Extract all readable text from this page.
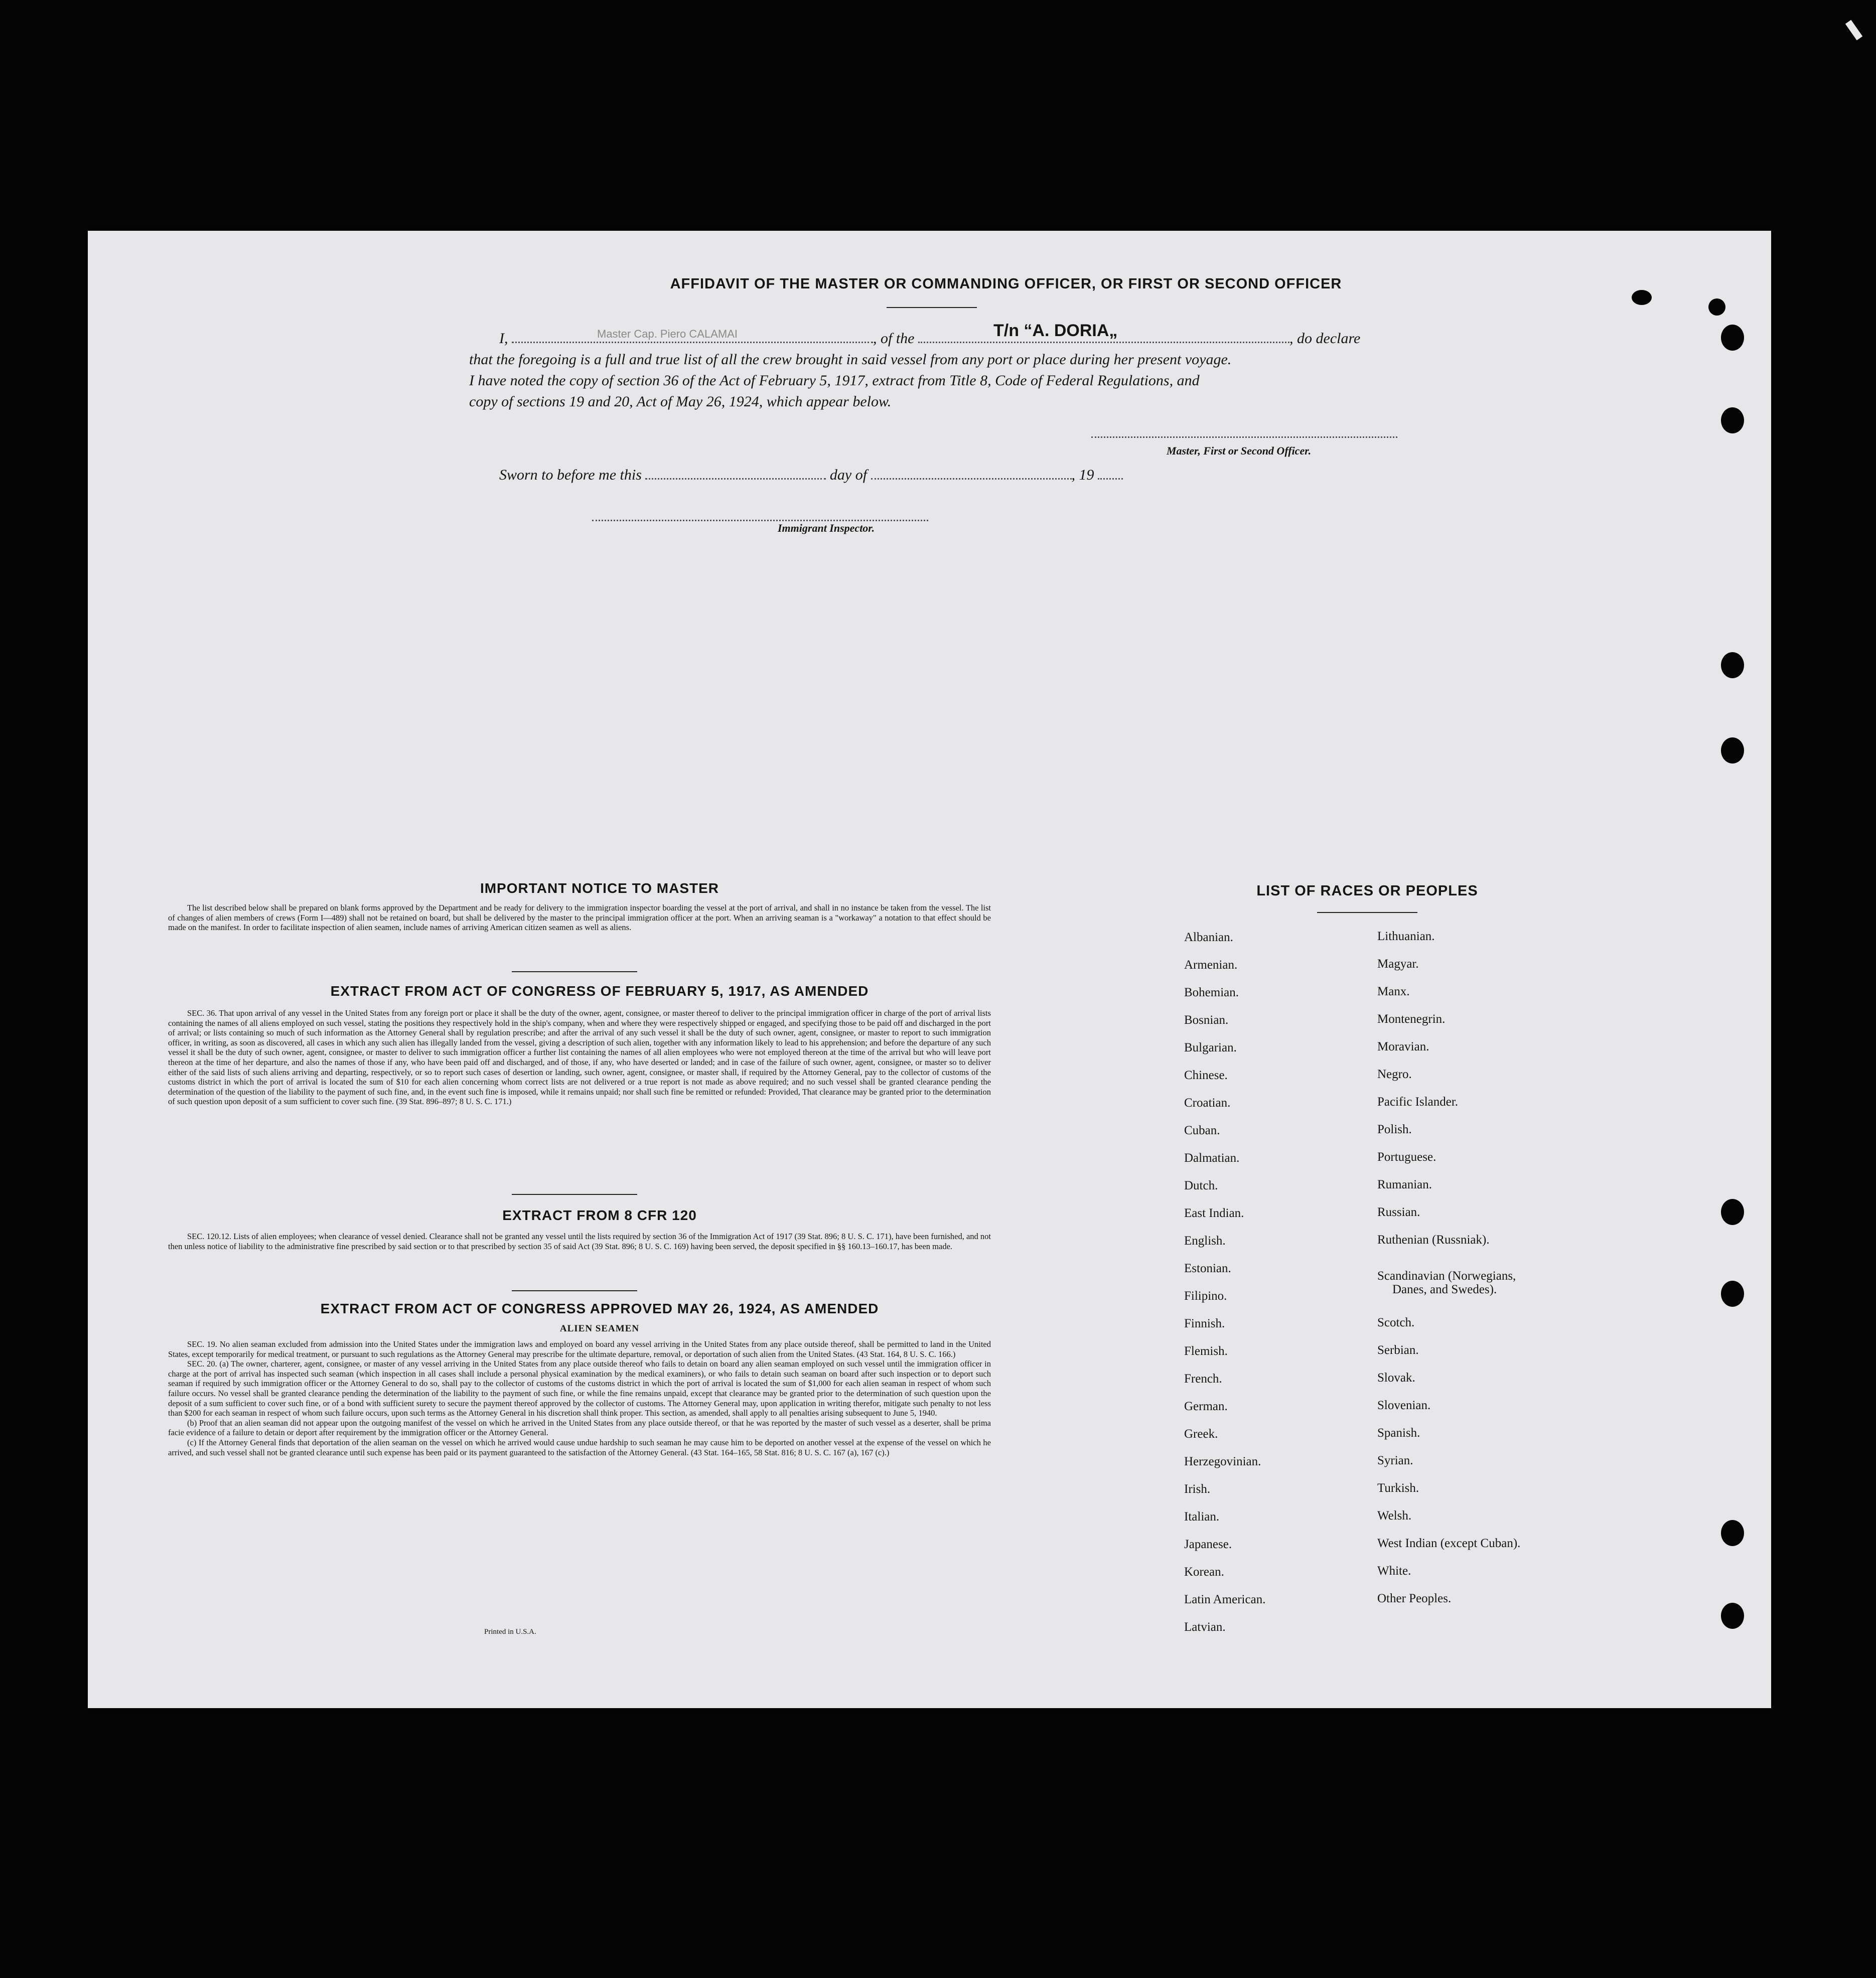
AFFIDAVIT OF THE MASTER OR COMMANDING OFFICER, OR FIRST OR SECOND OFFICER
I,	Master Cap. Piero CALAMAI	, of the	T/n “A. DORIA„	, do declare
that the foregoing is a full and true list of all the crew brought in said vessel from any port or place during her present voyage.
I have noted the copy of section 36 of the Act of February 5, 1917, extract from Title 8, Code of Federal Regulations, and
copy of sections 19 and 20, Act of May 26, 1924, which appear below.
Master, First or Second Officer.
Sworn to before me this	day of	, 19
Immigrant Inspector.
IMPORTANT NOTICE TO MASTER

The list described below shall be prepared on blank forms approved by the Department and be ready for delivery to the immigration inspector boarding the vessel at the port of arrival, and shall in no instance be taken from the vessel. The list of changes of alien members of crews (Form I—489) shall not be retained on board, but shall be delivered by the master to the principal immigration officer at the port. When an arriving seaman is a "workaway" a notation to that effect should be made on the manifest. In order to facilitate inspection of alien seamen, include names of arriving American citizen seamen as well as aliens.

EXTRACT FROM ACT OF CONGRESS OF FEBRUARY 5, 1917, AS AMENDED

SEC. 36. That upon arrival of any vessel in the United States from any foreign port or place it shall be the duty of the owner, agent, consignee, or master thereof to deliver to the principal immigration officer in charge of the port of arrival lists containing the names of all aliens employed on such vessel, stating the positions they respectively hold in the ship's company, when and where they were respectively shipped or engaged, and specifying those to be paid off and discharged in the port of arrival; or lists containing so much of such information as the Attorney General shall by regulation prescribe; and after the arrival of any such vessel it shall be the duty of such owner, agent, consignee, or master to report to such immigration officer, in writing, as soon as discovered, all cases in which any such alien has illegally landed from the vessel, giving a description of such alien, together with any information likely to lead to his apprehension; and before the departure of any such vessel it shall be the duty of such owner, agent, consignee, or master to deliver to such immigration officer a further list containing the names of all alien employees who were not employed thereon at the time of the arrival but who will leave port thereon at the time of her departure, and also the names of those if any, who have been paid off and discharged, and of those, if any, who have deserted or landed; and in case of the failure of such owner, agent, consignee, or master so to deliver either of the said lists of such aliens arriving and departing, respectively, or so to report such cases of desertion or landing, such owner, agent, consignee, or master shall, if required by the Attorney General, pay to the collector of customs of the customs district in which the port of arrival is located the sum of $10 for each alien concerning whom correct lists are not delivered or a true report is not made as above required; and no such vessel shall be granted clearance pending the determination of the question of the liability to the payment of such fine, and, in the event such fine is imposed, while it remains unpaid; nor shall such fine be remitted or refunded: Provided, That clearance may be granted prior to the determination of such question upon deposit of a sum sufficient to cover such fine. (39 Stat. 896–897; 8 U. S. C. 171.)

EXTRACT FROM 8 CFR 120

SEC. 120.12. Lists of alien employees; when clearance of vessel denied. Clearance shall not be granted any vessel until the lists required by section 36 of the Immigration Act of 1917 (39 Stat. 896; 8 U. S. C. 171), have been furnished, and not then unless notice of liability to the administrative fine prescribed by said section or to that prescribed by section 35 of said Act (39 Stat. 896; 8 U. S. C. 169) having been served, the deposit specified in §§ 160.13–160.17, has been made.

EXTRACT FROM ACT OF CONGRESS APPROVED MAY 26, 1924, AS AMENDED
ALIEN SEAMEN

SEC. 19. No alien seaman excluded from admission into the United States under the immigration laws and employed on board any vessel arriving in the United States from any place outside thereof, shall be permitted to land in the United States, except temporarily for medical treatment, or pursuant to such regulations as the Attorney General may prescribe for the ultimate departure, removal, or deportation of such alien from the United States. (43 Stat. 164, 8 U. S. C. 166.)

SEC. 20. (a) The owner, charterer, agent, consignee, or master of any vessel arriving in the United States from any place outside thereof who fails to detain on board any alien seaman employed on such vessel until the immigration officer in charge at the port of arrival has inspected such seaman (which inspection in all cases shall include a personal physical examination by the medical examiners), or who fails to detain such seaman on board after such inspection or to deport such seaman if required by such immigration officer or the Attorney General to do so, shall pay to the collector of customs of the customs district in which the port of arrival is located the sum of $1,000 for each alien seaman in respect of whom such failure occurs. No vessel shall be granted clearance pending the determination of the liability to the payment of such fine, or while the fine remains unpaid, except that clearance may be granted prior to the determination of such question upon the deposit of a sum sufficient to cover such fine, or of a bond with sufficient surety to secure the payment thereof approved by the collector of customs. The Attorney General may, upon application in writing therefor, mitigate such penalty to not less than $200 for each seaman in respect of whom such failure occurs, upon such terms as the Attorney General in his discretion shall think proper. This section, as amended, shall apply to all penalties arising subsequent to June 5, 1940.

(b) Proof that an alien seaman did not appear upon the outgoing manifest of the vessel on which he arrived in the United States from any place outside thereof, or that he was reported by the master of such vessel as a deserter, shall be prima facie evidence of a failure to detain or deport after requirement by the immigration officer or the Attorney General.

(c) If the Attorney General finds that deportation of the alien seaman on the vessel on which he arrived would cause undue hardship to such seaman he may cause him to be deported on another vessel at the expense of the vessel on which he arrived, and such vessel shall not be granted clearance until such expense has been paid or its payment guaranteed to the satisfaction of the Attorney General. (43 Stat. 164–165, 58 Stat. 816; 8 U. S. C. 167 (a), 167 (c).)

Printed in U.S.A.
LIST OF RACES OR PEOPLES
Albanian.
Armenian.
Bohemian.
Bosnian.
Bulgarian.
Chinese.
Croatian.
Cuban.
Dalmatian.
Dutch.
East Indian.
English.
Estonian.
Filipino.
Finnish.
Flemish.
French.
German.
Greek.
Herzegovinian.
Irish.
Italian.
Japanese.
Korean.
Latin American.
Latvian.
Lithuanian.
Magyar.
Manx.
Montenegrin.
Moravian.
Negro.
Pacific Islander.
Polish.
Portuguese.
Rumanian.
Russian.
Ruthenian (Russniak).
Scandinavian (Norwegians,
Danes, and Swedes).
Scotch.
Serbian.
Slovak.
Slovenian.
Spanish.
Syrian.
Turkish.
Welsh.
West Indian (except Cuban).
White.
Other Peoples.
